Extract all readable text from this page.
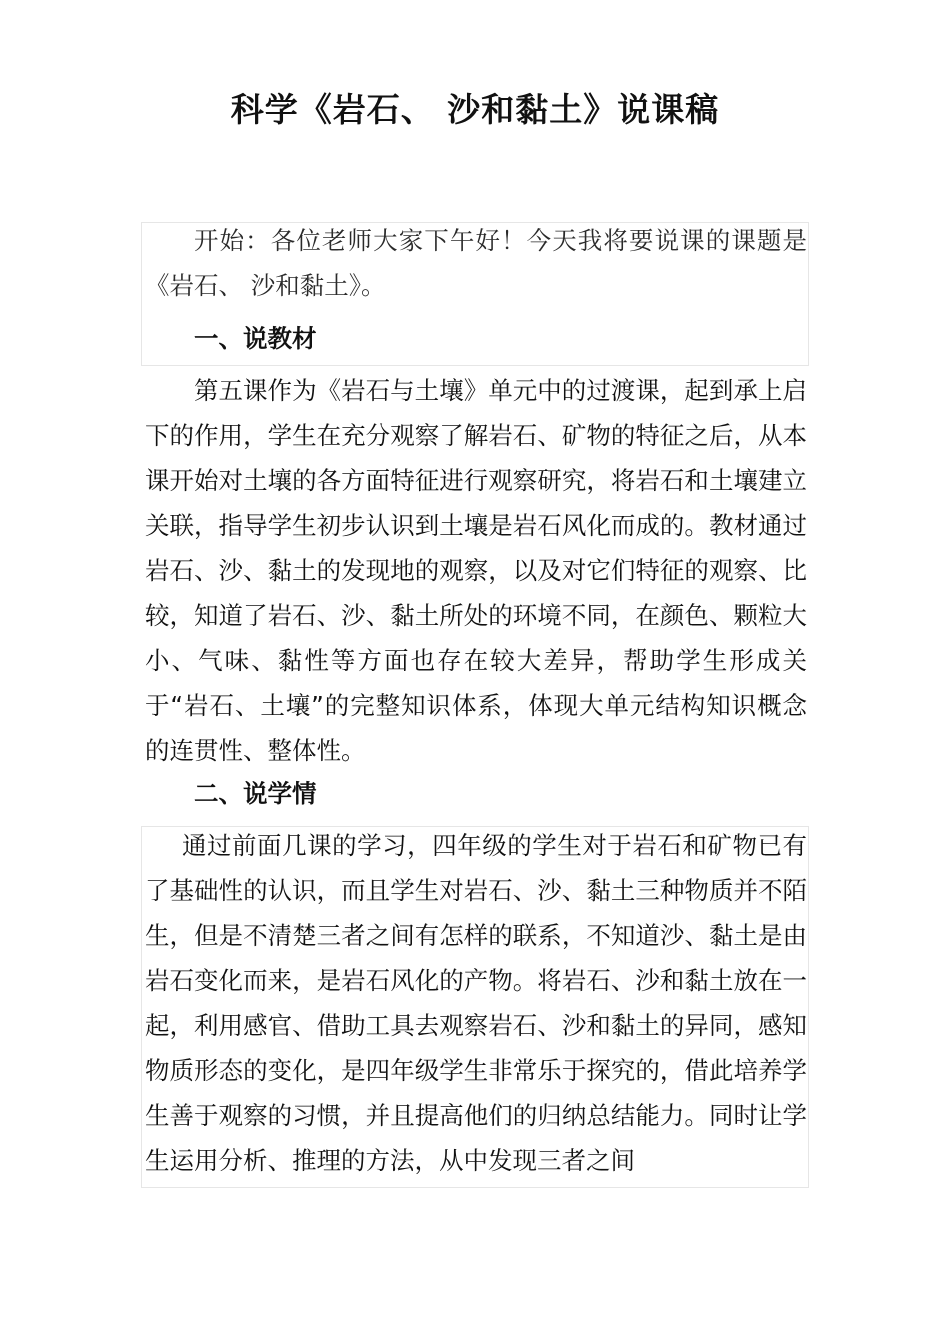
科学《岩石、 沙和黏土》说课稿

开始：各位老师大家下午好！今天我将要说课的课题是《岩石、 沙和黏土》。

一、说教材

第五课作为《岩石与土壤》单元中的过渡课，起到承上启下的作用，学生在充分观察了解岩石、矿物的特征之后，从本课开始对土壤的各方面特征进行观察研究，将岩石和土壤建立关联，指导学生初步认识到土壤是岩石风化而成的。教材通过岩石、沙、黏土的发现地的观察，以及对它们特征的观察、比较，知道了岩石、沙、黏土所处的环境不同，在颜色、颗粒大小、气味、黏性等方面也存在较大差异，帮助学生形成关于“岩石、土壤”的完整知识体系，体现大单元结构知识概念的连贯性、整体性。

二、说学情

通过前面几课的学习，四年级的学生对于岩石和矿物已有了基础性的认识，而且学生对岩石、沙、黏土三种物质并不陌生，但是不清楚三者之间有怎样的联系，不知道沙、黏土是由岩石变化而来，是岩石风化的产物。将岩石、沙和黏土放在一起，利用感官、借助工具去观察岩石、沙和黏土的异同，感知物质形态的变化，是四年级学生非常乐于探究的，借此培养学生善于观察的习惯，并且提高他们的归纳总结能力。同时让学生运用分析、推理的方法，从中发现三者之间
